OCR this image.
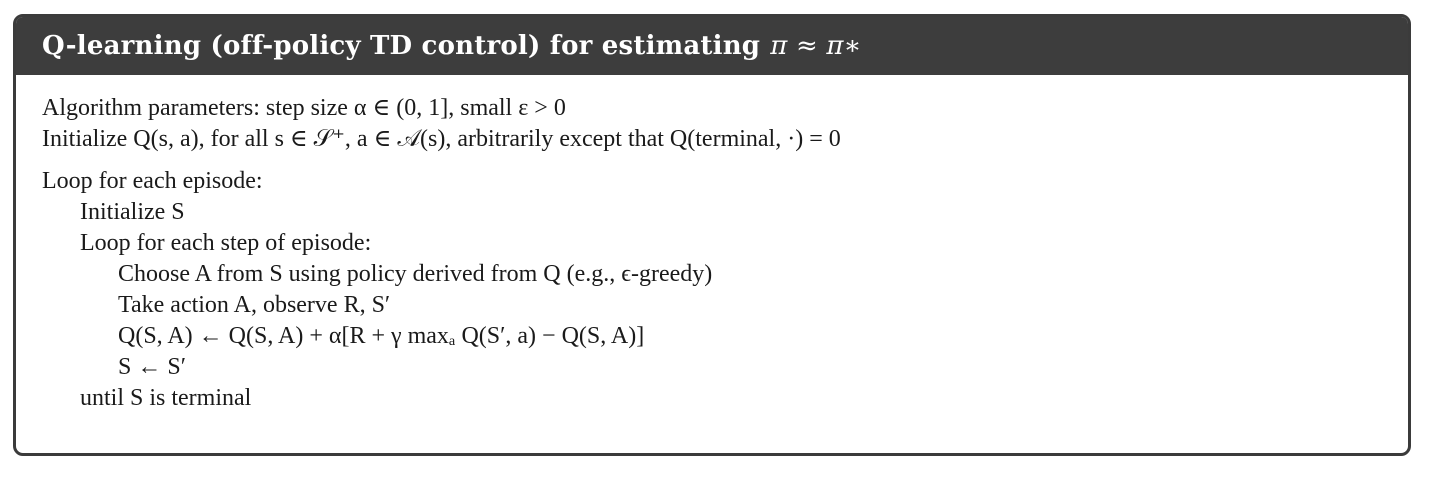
Q-learning (off-policy TD control) for estimating π ≈ π∗
Algorithm parameters: step size α ∈ (0, 1], small ε > 0
Initialize Q(s, a), for all s ∈ 𝒮⁺, a ∈ 𝒜(s), arbitrarily except that Q(terminal, ·) = 0
Loop for each episode:
Initialize S
Loop for each step of episode:
Choose A from S using policy derived from Q (e.g., ϵ-greedy)
Take action A, observe R, S′
Q(S, A) ← Q(S, A) + α[R + γ maxₐ Q(S′, a) − Q(S, A)]
S ← S′
until S is terminal
